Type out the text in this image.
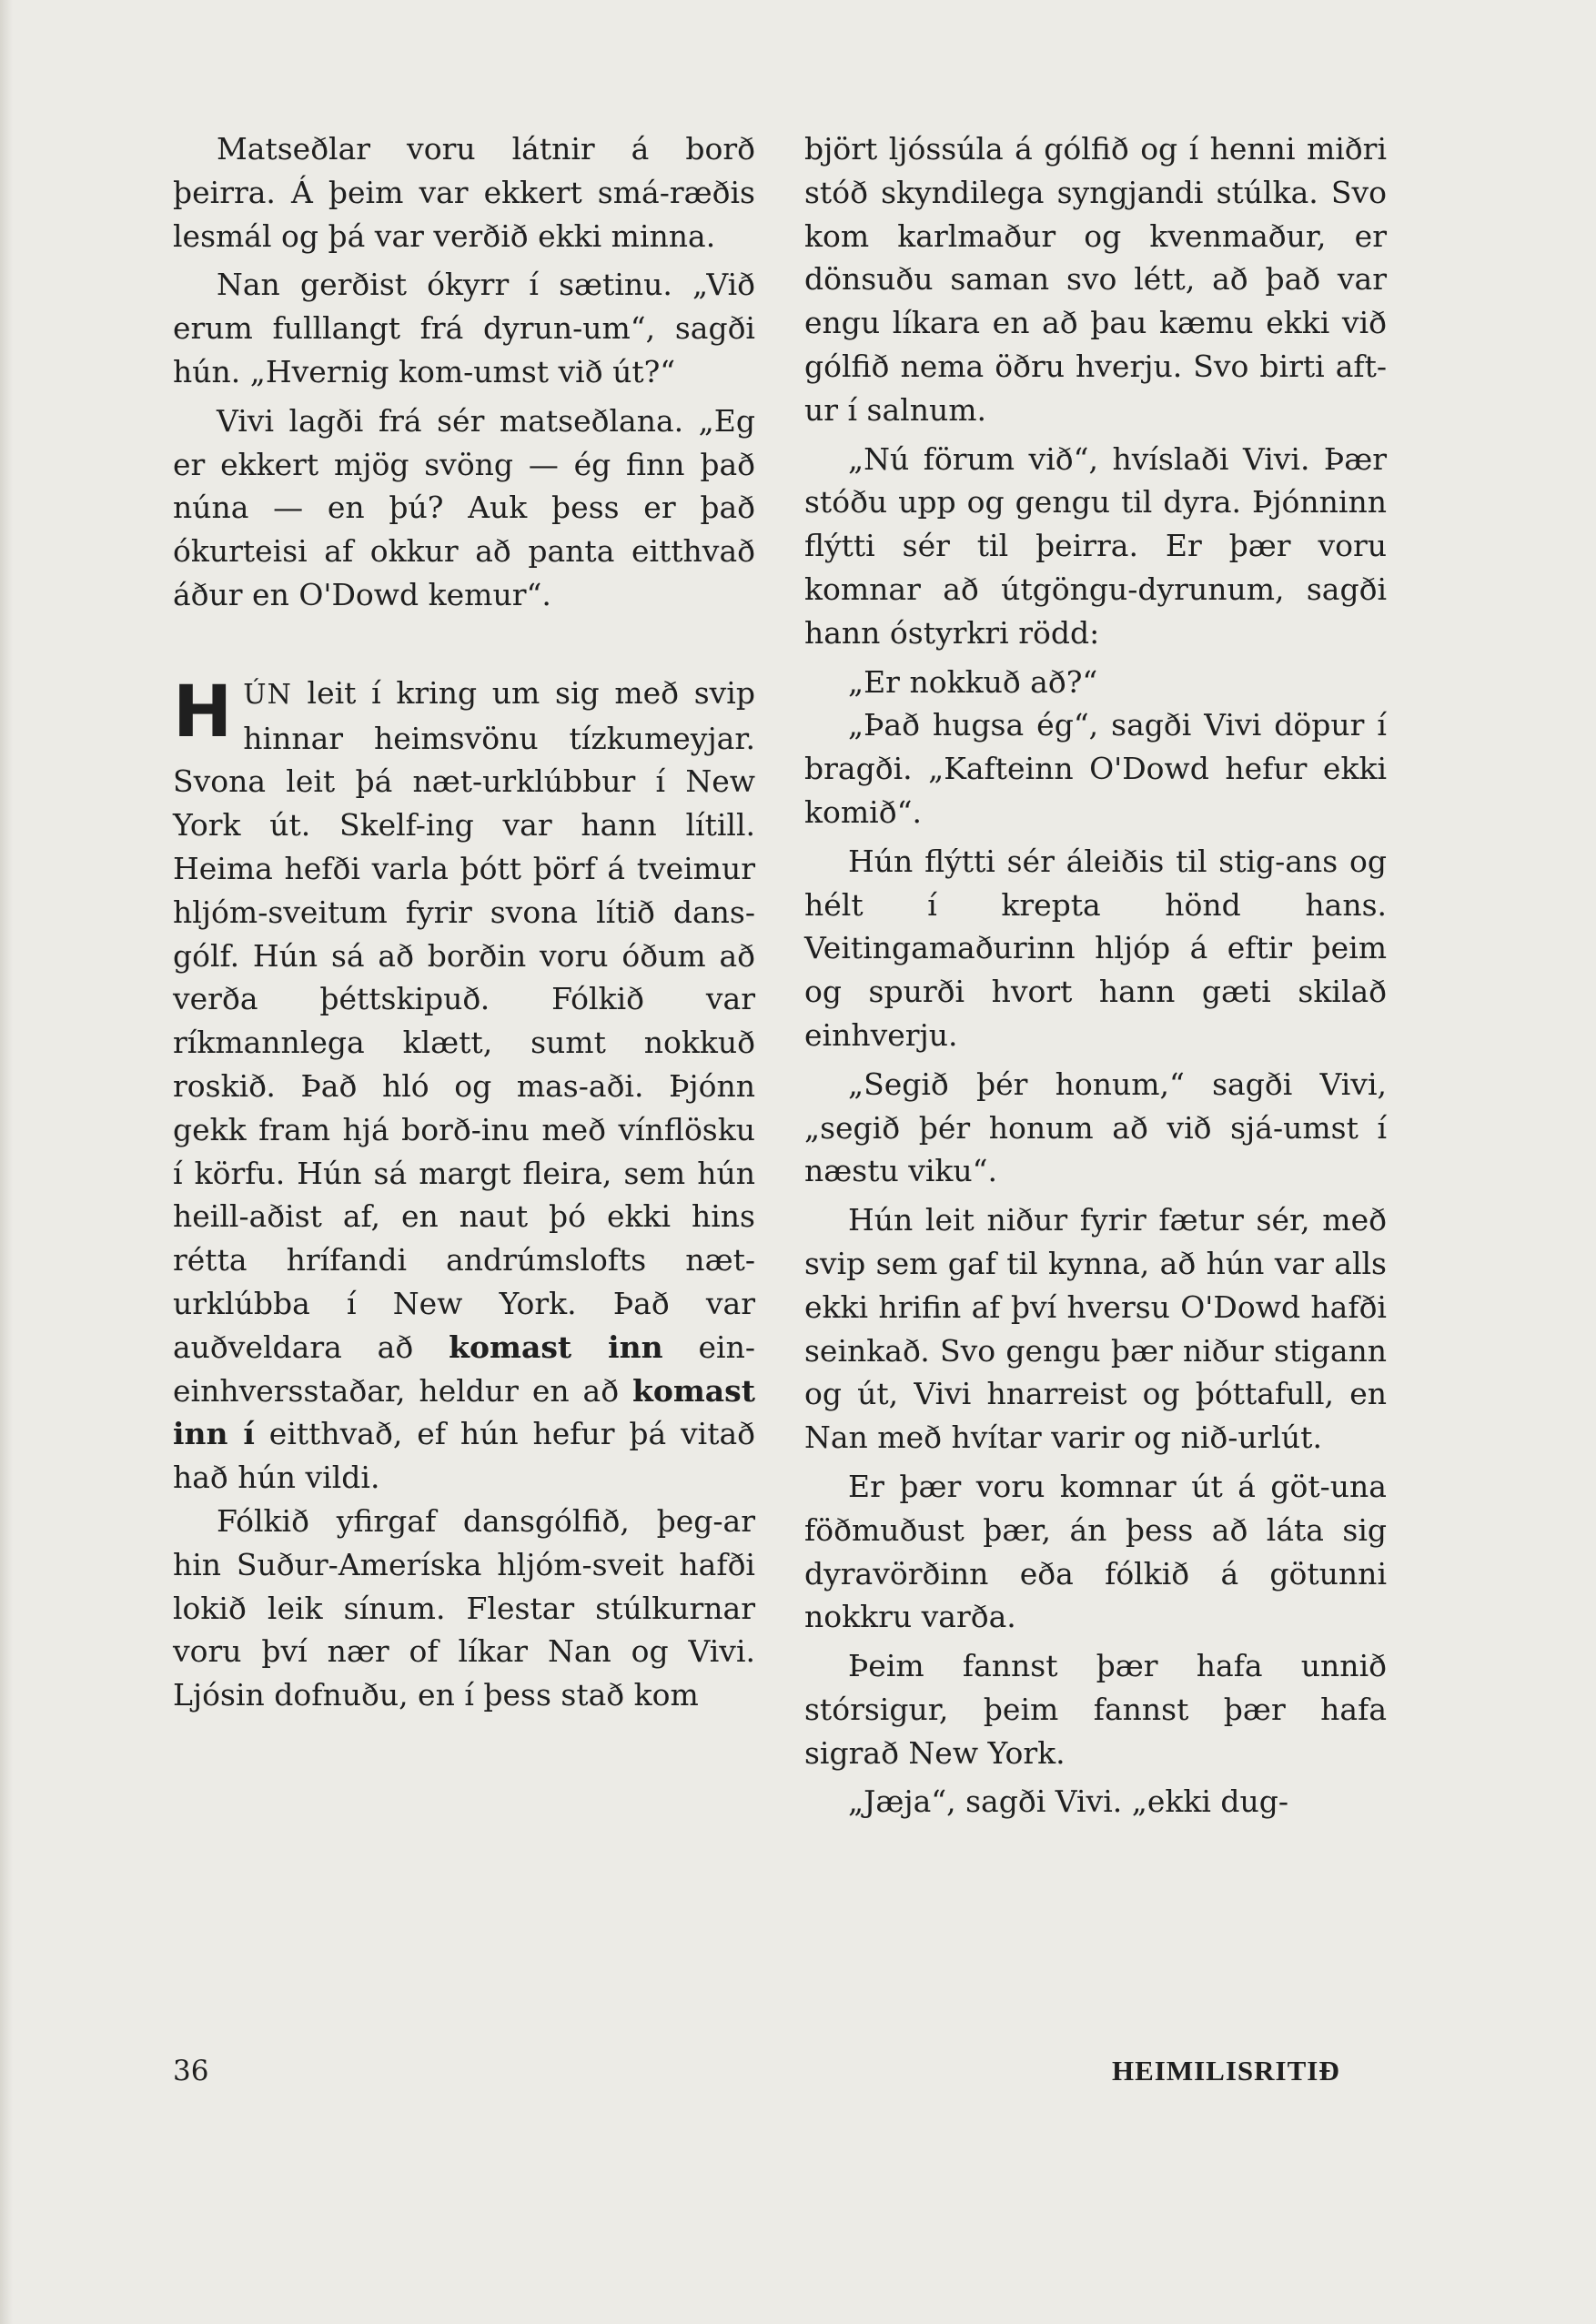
Matseðlar voru látnir á borð þeirra. Á þeim var ekkert smá-ræðis lesmál og þá var verðið ekki minna.

Nan gerðist ókyrr í sætinu. „Við erum fulllangt frá dyrun-um“, sagði hún. „Hvernig kom-umst við út?“

Vivi lagði frá sér matseðlana. „Eg er ekkert mjög svöng — ég finn það núna — en þú? Auk þess er það ókurteisi af okkur að panta eitthvað áður en O'Dowd kemur“.

HÚN leit í kring um sig með svip hinnar heimsvönu tízkumeyjar. Svona leit þá næt-urklúbbur í New York út. Skelf-ing var hann lítill. Heima hefði varla þótt þörf á tveimur hljóm-sveitum fyrir svona lítið dans-gólf. Hún sá að borðin voru óðum að verða þéttskipuð. Fólkið var ríkmannlega klætt, sumt nokkuð roskið. Það hló og mas-aði. Þjónn gekk fram hjá borð-inu með vínflösku í körfu. Hún sá margt fleira, sem hún heill-aðist af, en naut þó ekki hins rétta hrífandi andrúmslofts næt-urklúbba í New York. Það var auðveldara að komast inn ein-einhversstaðar, heldur en að komast inn í eitthvað, ef hún hefur þá vitað hað hún vildi.

Fólkið yfirgaf dansgólfið, þeg-ar hin Suður-Ameríska hljóm-sveit hafði lokið leik sínum. Flestar stúlkurnar voru því nær of líkar Nan og Vivi. Ljósin dofnuðu, en í þess stað kom

björt ljóssúla á gólfið og í henni miðri stóð skyndilega syngjandi stúlka. Svo kom karlmaður og kvenmaður, er dönsuðu saman svo létt, að það var engu líkara en að þau kæmu ekki við gólfið nema öðru hverju. Svo birti aft-ur í salnum.

„Nú förum við“, hvíslaði Vivi. Þær stóðu upp og gengu til dyra. Þjónninn flýtti sér til þeirra. Er þær voru komnar að útgöngu-dyrunum, sagði hann óstyrkri rödd:

„Er nokkuð að?“

„Það hugsa ég“, sagði Vivi döpur í bragði. „Kafteinn O'Dowd hefur ekki komið“.

Hún flýtti sér áleiðis til stig-ans og hélt í krepta hönd hans. Veitingamaðurinn hljóp á eftir þeim og spurði hvort hann gæti skilað einhverju.

„Segið þér honum,“ sagði Vivi, „segið þér honum að við sjá-umst í næstu viku“.

Hún leit niður fyrir fætur sér, með svip sem gaf til kynna, að hún var alls ekki hrifin af því hversu O'Dowd hafði seinkað. Svo gengu þær niður stigann og út, Vivi hnarreist og þóttafull, en Nan með hvítar varir og nið-urlút.

Er þær voru komnar út á göt-una föðmuðust þær, án þess að láta sig dyravörðinn eða fólkið á götunni nokkru varða.

Þeim fannst þær hafa unnið stórsigur, þeim fannst þær hafa sigrað New York.

„Jæja“, sagði Vivi. „ekki dug-

36	HEIMILISRITIÐ
